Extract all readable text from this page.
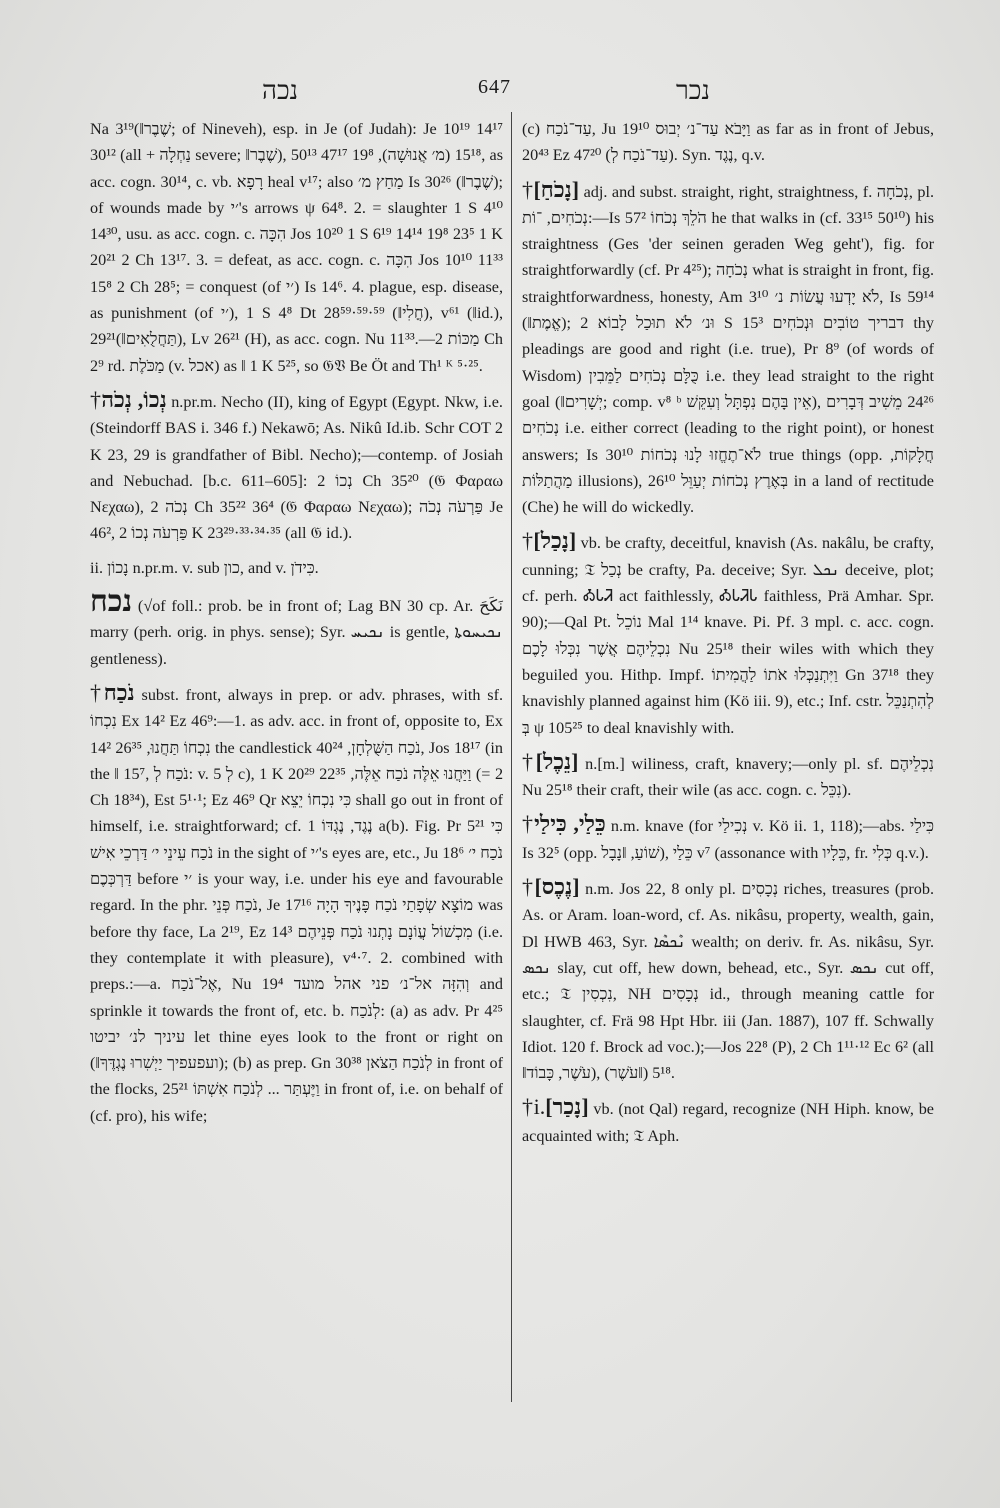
נכה	647	נכר

Na 3¹⁹(‖שֶׁבֶר; of Nineveh), esp. in Je (of Judah): Je 10¹⁹ 14¹⁷ 30¹² (all + נַחְלָה severe; ‖שֶׁבֶר), 15¹⁸ (מ׳ אֲנוּשָׁה), 19⁸ 47¹⁷ 50¹³, as acc. cogn. 30¹⁴, c. vb. רָפָא heal v¹⁷; also מַחַץ מ׳ Is 30²⁶ (‖שֶׁבֶר); of wounds made by ׳י's arrows ψ 64⁸. 2. = slaughter 1 S 4¹⁰ 14³⁰, usu. as acc. cogn. c. הִכָּה Jos 10²⁰ 1 S 6¹⁹ 14¹⁴ 19⁸ 23⁵ 1 K 20²¹ 2 Ch 13¹⁷. 3. = defeat, as acc. cogn. c. הִכָּה Jos 10¹⁰ 11³³ 15⁸ 2 Ch 28⁵; = conquest (of ׳י) Is 14⁶. 4. plague, esp. disease, as punishment (of ׳י), 1 S 4⁸ Dt 28⁵⁹·⁵⁹·⁵⁹ (‖חֳלִי), v⁶¹ (‖id.), 29²¹(‖תַּחֲלֻאִים), Lv 26²¹ (H), as acc. cogn. Nu 11³³.—מַכּוֹת 2 Ch 2⁹ rd. מַכֹּלֶת (v. אכל) as ‖ 1 K 5²⁵, so 𝔊𝔙 Be Öt and Th¹ ᴷ ⁵·²⁵.

†נְכוֹ, נְכֹה n.pr.m. Necho (II), king of Egypt (Egypt. Nkw, i.e. (Steindorff BAS i. 346 f.) Nekawō; As. Nikû Id.ib. Schr COT 2 K 23, 29 is grandfather of Bibl. Necho);—contemp. of Josiah and Nebuchad. [b.c. 611–605]: נְכוֹ 2 Ch 35²⁰ (𝔊 Φαραω Νεχαω), נְכֹה 2 Ch 35²² 36⁴ (𝔊 Φαραω Νεχαω); פַּרְעֹה נְכֹה Je 46², פַּרְעֹה נְכוֹ 2 K 23²⁹·³³·³⁴·³⁵ (all 𝔊 id.).

ii. נָכוֹן n.pr.m. v. sub כון, and v. כִּידֹן.

נכח (√of foll.: prob. be in front of; Lag BN 30 cp. Ar. نَكَحَ marry (perh. orig. in phys. sense); Syr. ܢܟܝܚ is gentle, ܢܟܝܚܘܬܐ gentleness).

†נֹכַח subst. front, always in prep. or adv. phrases, with sf. נִכְחוֹ Ex 14² Ez 46⁹:—1. as adv. acc. in front of, opposite to, Ex 14² נִכְחוֹ תַּחֲנוּ, 26³⁵ the candlestick נֹכַח הַשֻּׁלְחָן, 40²⁴, Jos 18¹⁷ (in the ‖ 15⁷, נֹכַח לְ: v. לְ 5 c), 1 K 20²⁹ וַיַּחֲנוּ אֵלֶּה נֹכַח אֵלֶּה, 22³⁵ (= 2 Ch 18³⁴), Est 5¹·¹; Ez 46⁹ Qr כִּי נִכְחוֹ יֵצֵא shall go out in front of himself, i.e. straightforward; cf. נֶגֶד, נֶגְדּוֹ 1 a(b). Fig. Pr 5²¹ כִּי נֹכַח עֵינֵי י׳ דַּרְכֵי אִישׁ in the sight of ׳י's eyes are, etc., Ju 18⁶ נֹכַח י׳ דַּרְכְּכֶם before ׳י is your way, i.e. under his eye and favourable regard. In the phr. נֹכַח פְּנֵי, Je 17¹⁶ מוֹצָא שְׂפָתַי נֹכַח פָּנֶיךָ הָיָה was before thy face, La 2¹⁹, Ez 14³ מִכְשׁוֹל עֲוֹנָם נָתְנוּ נֹכַח פְּנֵיהֶם (i.e. they contemplate it with pleasure), v⁴·⁷. 2. combined with preps.:—a. אֶל־נֹכַח, Nu 19⁴ וְהִזָּה אל־נ׳ פני אהל מועד and sprinkle it towards the front of, etc. b. לְנֹכַח: (a) as adv. Pr 4²⁵ עיניך לנ׳ יביטו let thine eyes look to the front or right on (‖ועפעפיך יַיְשִׁרוּ נֶגְדֶּךָ); (b) as prep. Gn 30³⁸ לְנֹכַח הַצֹּאן in front of the flocks, 25²¹ וַיֶּעְתַּר ... לְנֹכַח אִשְׁתּוֹ in front of, i.e. on behalf of (cf. pro), his wife;

(c) עַד־נֹכַח, Ju 19¹⁰ וַיָּבֹא עַד־נ׳ יְבוּס as far as in front of Jebus, 20⁴³ Ez 47²⁰ (עַד־נֹכַח לְ). Syn. נֶגֶד, q.v.

†[נָכֹחַ] adj. and subst. straight, right, straightness, f. נְכֹחָה, pl. נְכֹחִים, ־וֹת:—Is 57² הֹלֵךְ נְכֹחוֹ he that walks in (cf. 33¹⁵ 50¹⁰) his straightness (Ges 'der seinen geraden Weg geht'), fig. for straightforwardly (cf. Pr 4²⁵); נְכֹחָה what is straight in front, fig. straightforwardness, honesty, Am 3¹⁰ לֹא יָדְעוּ עֲשׂוֹת נ׳, Is 59¹⁴ (‖אֱמֶת); וּנ׳ לֹא תוּכַל לָבוֹא 2 S 15³ דבריך טוֹבִים וּנְכֹחִים thy pleadings are good and right (i.e. true), Pr 8⁹ (of words of Wisdom) כֻּלָּם נְכֹחִים לַמֵּבִין i.e. they lead straight to the right goal (‖יְשָׁרִים; comp. v⁸ ᵇ אֵין בָּהֶם נִפְתָּל וְעִקֵּשׁ), 24²⁶ מֵשִׁיב דְּבָרִים נְכֹחִים i.e. either correct (leading to the right point), or honest answers; Is 30¹⁰ לֹא־תֶחֱזוּ לָנוּ נְכֹחוֹת true things (opp. חֲלָקוֹת, מַהֲתַלּוֹת illusions), 26¹⁰ בְּאֶרֶץ נְכֹחוֹת יְעַוֵּל in a land of rectitude (Che) he will do wickedly.

†[נָכַל] vb. be crafty, deceitful, knavish (As. nakâlu, be crafty, cunning; 𝔗 נְכַל be crafty, Pa. deceive; Syr. ܢܟܠ deceive, plot; cf. perh. ᎣᏓᏘ act faithlessly, ᎣᏓᏘᏓ faithless, Prä Amhar. Spr. 90);—Qal Pt. נוֹכֵל Mal 1¹⁴ knave. Pi. Pf. 3 mpl. c. acc. cogn. נִכְלֵיהֶם אֲשֶׁר נִכְּלוּ לָכֶם Nu 25¹⁸ their wiles with which they beguiled you. Hithp. Impf. וַיִּתְנַכְּלוּ אֹתוֹ לַהֲמִיתוֹ Gn 37¹⁸ they knavishly planned against him (Kö iii. 9), etc.; Inf. cstr. לְהִתְנַכֵּל בְּ ψ 105²⁵ to deal knavishly with.

†[נֵכֶל] n.[m.] wiliness, craft, knavery;—only pl. sf. נִכְלֵיהֶם Nu 25¹⁸ their craft, their wile (as acc. cogn. c. נִכֵּל).

†כֵּלַי, כִּילַי n.m. knave (for נְכִילַי v. Kö ii. 1, 118);—abs. כִּילַי Is 32⁵ (opp. שׁוֹעַ, ‖נָבָל), כֵּלַי v⁷ (assonance with כֵּלָיו, fr. כְּלִי q.v.).

†[נֶכֶס] n.m. Jos 22, 8 only pl. נְכָסִים riches, treasures (prob. As. or Aram. loan-word, cf. As. nikâsu, property, wealth, gain, Dl HWB 463, Syr. ܢܶܟܣܶܐ wealth; on deriv. fr. As. nikâsu, Syr. ܢܟܣ slay, cut off, hew down, behead, etc., Syr. ܢܟܣ cut off, etc.; 𝔗 נִכְסִין, NH נְכָסִים id., through meaning cattle for slaughter, cf. Frä 98 Hpt Hbr. iii (Jan. 1887), 107 ff. Schwally Idiot. 120 f. Brock ad voc.);—Jos 22⁸ (P), 2 Ch 1¹¹·¹² Ec 6² (all ‖עֹשֶׁר, כָּבוֹד), 5¹⁸ (‖עֹשֶׁר).

†i.[נָכַר] vb. (not Qal) regard, recognize (NH Hiph. know, be acquainted with; 𝔗 Aph.
